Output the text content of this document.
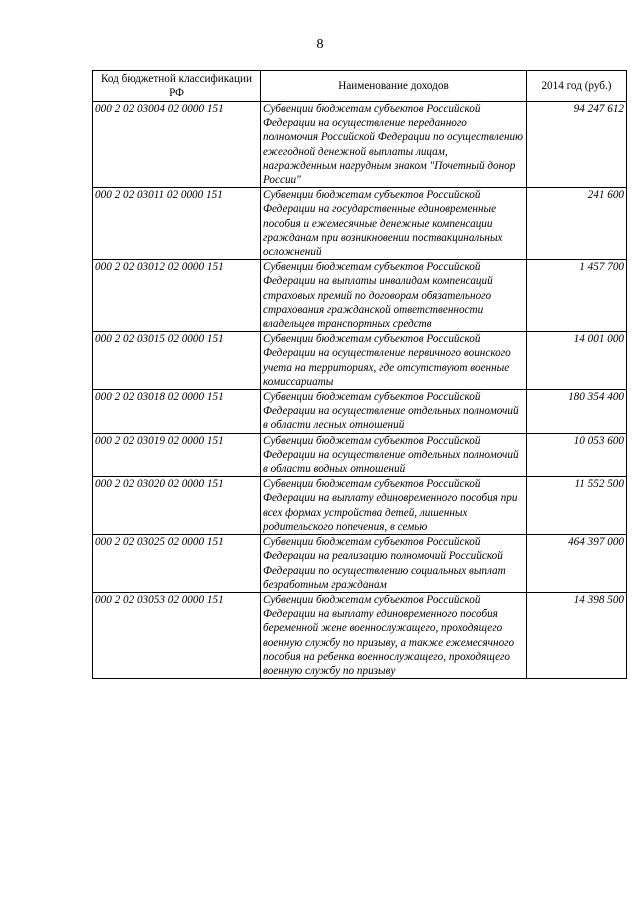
8
Код бюджетной классификации РФ	Наименование доходов	2014 год (руб.)
000 2 02 03004 02 0000 151	Субвенции бюджетам субъектов Российской Федерации на осуществление переданного полномочия Российской Федерации по осуществлению ежегодной денежной выплаты лицам, награжденным нагрудным знаком "Почетный донор России"	94 247 612
000 2 02 03011 02 0000 151	Субвенции бюджетам субъектов Российской Федерации на государственные единовременные пособия и ежемесячные денежные компенсации гражданам при возникновении поствакцинальных осложнений	241 600
000 2 02 03012 02 0000 151	Субвенции бюджетам субъектов Российской Федерации на выплаты инвалидам компенсаций страховых премий по договорам обязательного страхования гражданской ответственности владельцев транспортных средств	1 457 700
000 2 02 03015 02 0000 151	Субвенции бюджетам субъектов Российской Федерации на осуществление первичного воинского учета на территориях, где отсутствуют военные комиссариаты	14 001 000
000 2 02 03018 02 0000 151	Субвенции бюджетам субъектов Российской Федерации на осуществление отдельных полномочий в области лесных отношений	180 354 400
000 2 02 03019 02 0000 151	Субвенции бюджетам субъектов Российской Федерации на осуществление отдельных полномочий в области водных отношений	10 053 600
000 2 02 03020 02 0000 151	Субвенции бюджетам субъектов Российской Федерации на выплату единовременного пособия при всех формах устройства детей, лишенных родительского попечения, в семью	11 552 500
000 2 02 03025 02 0000 151	Субвенции бюджетам субъектов Российской Федерации на реализацию полномочий Российской Федерации по осуществлению социальных выплат безработным гражданам	464 397 000
000 2 02 03053 02 0000 151	Субвенции бюджетам субъектов Российской Федерации на выплату единовременного пособия беременной жене военнослужащего, проходящего военную службу по призыву, а также ежемесячного пособия на ребенка военнослужащего, проходящего военную службу по призыву	14 398 500
